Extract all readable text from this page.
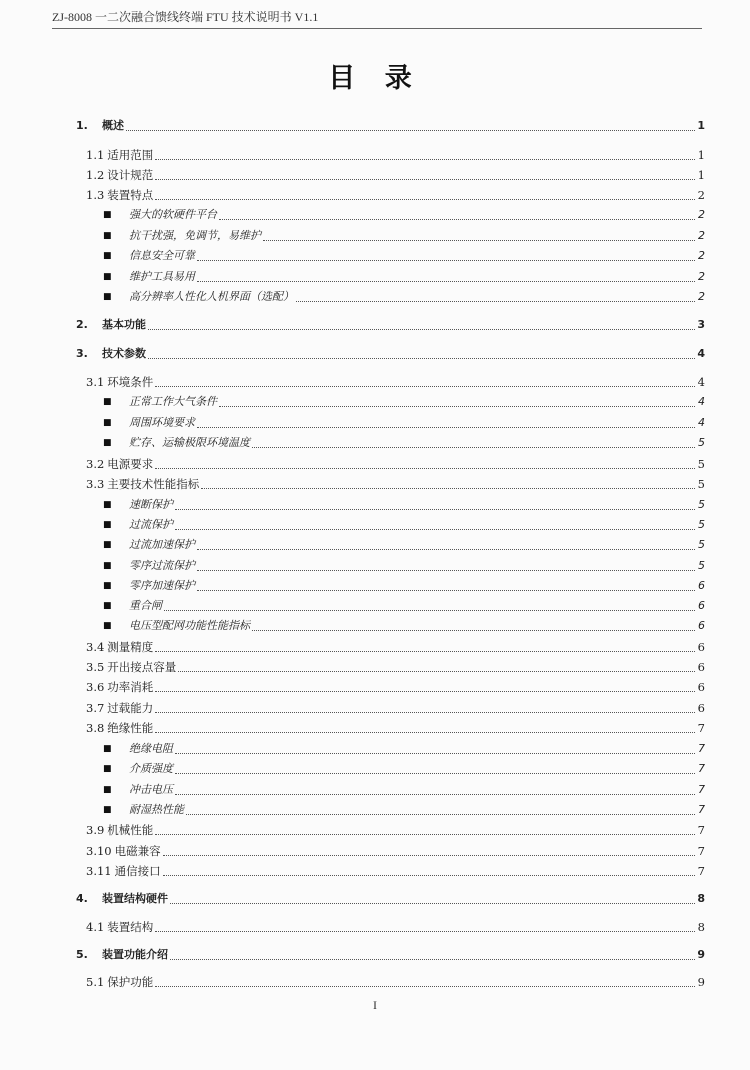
ZJ-8008 一二次融合馈线终端 FTU 技术说明书 V1.1
目 录
1.	概述	1
1.1 适用范围	1
1.2 设计规范	1
1.3 装置特点	2
■	强大的软硬件平台	2
■	抗干扰强，免调节，易维护	2
■	信息安全可靠	2
■	维护工具易用	2
■	高分辨率人性化人机界面（选配）	2
2.	基本功能	3
3.	技术参数	4
3.1 环境条件	4
■	正常工作大气条件	4
■	周围环境要求	4
■	贮存、运输极限环境温度	5
3.2 电源要求	5
3.3 主要技术性能指标	5
■	速断保护	5
■	过流保护	5
■	过流加速保护	5
■	零序过流保护	5
■	零序加速保护	6
■	重合闸	6
■	电压型配网功能性能指标	6
3.4 测量精度	6
3.5 开出接点容量	6
3.6 功率消耗	6
3.7 过载能力	6
3.8 绝缘性能	7
■	绝缘电阻	7
■	介质强度	7
■	冲击电压	7
■	耐湿热性能	7
3.9 机械性能	7
3.10 电磁兼容	7
3.11 通信接口	7
4.	装置结构硬件	8
4.1 装置结构	8
5.	装置功能介绍	9
5.1 保护功能	9
I
